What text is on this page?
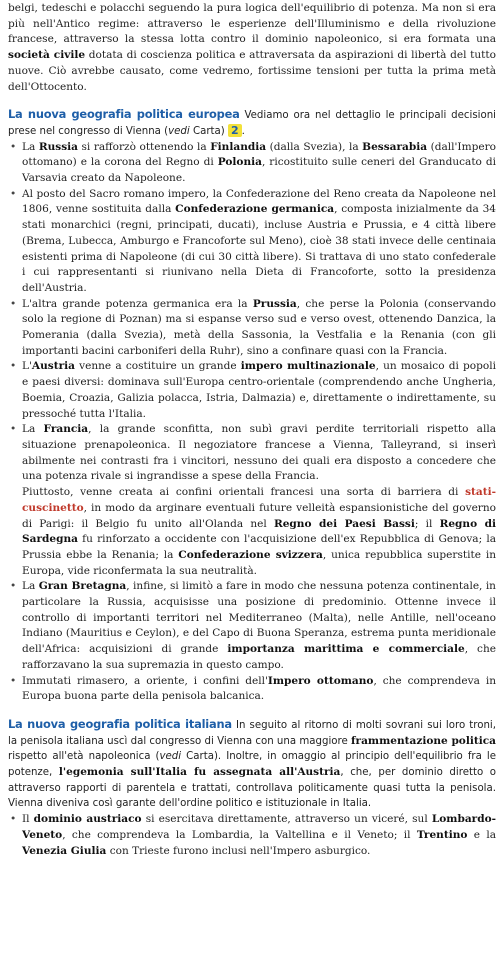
belgi, tedeschi e polacchi seguendo la pura logica dell'equilibrio di potenza. Ma non si era più nell'Antico regime: attraverso le esperienze dell'Illuminismo e della rivoluzione francese, attraverso la stessa lotta contro il dominio napoleonico, si era formata una società civile dotata di coscienza politica e attraversata da aspirazioni di libertà del tutto nuove. Ciò avrebbe causato, come vedremo, fortissime tensioni per tutta la prima metà dell'Ottocento.

La nuova geografia politica europea Vediamo ora nel dettaglio le principali decisioni prese nel congresso di Vienna (vedi Carta) 2 .

• La Russia si rafforzò ottenendo la Finlandia (dalla Svezia), la Bessarabia (dall'Impero ottomano) e la corona del Regno di Polonia, ricostituito sulle ceneri del Granducato di Varsavia creato da Napoleone.
• Al posto del Sacro romano impero, la Confederazione del Reno creata da Napoleone nel 1806, venne sostituita dalla Confederazione germanica, composta inizialmente da 34 stati monarchici (regni, principati, ducati), incluse Austria e Prussia, e 4 città libere (Brema, Lubecca, Amburgo e Francoforte sul Meno), cioè 38 stati invece delle centinaia esistenti prima di Napoleone (di cui 30 città libere). Si trattava di uno stato confederale i cui rappresentanti si riunivano nella Dieta di Francoforte, sotto la presidenza dell'Austria.
• L'altra grande potenza germanica era la Prussia, che perse la Polonia (conservando solo la regione di Poznan) ma si espanse verso sud e verso ovest, ottenendo Danzica, la Pomerania (dalla Svezia), metà della Sassonia, la Vestfalia e la Renania (con gli importanti bacini carboniferi della Ruhr), sino a confinare quasi con la Francia.
• L'Austria venne a costituire un grande impero multinazionale, un mosaico di popoli e paesi diversi: dominava sull'Europa centro-orientale (comprendendo anche Ungheria, Boemia, Croazia, Galizia polacca, Istria, Dalmazia) e, direttamente o indirettamente, su pressoché tutta l'Italia.
• La Francia, la grande sconfitta, non subì gravi perdite territoriali rispetto alla situazione prenapoleonica. Il negoziatore francese a Vienna, Talleyrand, si inserì abilmente nei contrasti fra i vincitori, nessuno dei quali era disposto a concedere che una potenza rivale si ingrandisse a spese della Francia.

Piuttosto, venne creata ai confini orientali francesi una sorta di barriera di stati-cuscinetto, in modo da arginare eventuali future velleità espansionistiche del governo di Parigi: il Belgio fu unito all'Olanda nel Regno dei Paesi Bassi; il Regno di Sardegna fu rinforzato a occidente con l'acquisizione dell'ex Repubblica di Genova; la Prussia ebbe la Renania; la Confederazione svizzera, unica repubblica superstite in Europa, vide riconfermata la sua neutralità.

• La Gran Bretagna, infine, si limitò a fare in modo che nessuna potenza continentale, in particolare la Russia, acquisisse una posizione di predominio. Ottenne invece il controllo di importanti territori nel Mediterraneo (Malta), nelle Antille, nell'oceano Indiano (Mauritius e Ceylon), e del Capo di Buona Speranza, estrema punta meridionale dell'Africa: acquisizioni di grande importanza marittima e commerciale, che rafforzavano la sua supremazia in questo campo.
• Immutati rimasero, a oriente, i confini dell'Impero ottomano, che comprendeva in Europa buona parte della penisola balcanica.

La nuova geografia politica italiana In seguito al ritorno di molti sovrani sui loro troni, la penisola italiana uscì dal congresso di Vienna con una maggiore frammentazione politica rispetto all'età napoleonica (vedi Carta). Inoltre, in omaggio al principio dell'equilibrio fra le potenze, l'egemonia sull'Italia fu assegnata all'Austria, che, per dominio diretto o attraverso rapporti di parentela e trattati, controllava politicamente quasi tutta la penisola. Vienna diveniva così garante dell'ordine politico e istituzionale in Italia.

• Il dominio austriaco si esercitava direttamente, attraverso un viceré, sul Lombardo-Veneto, che comprendeva la Lombardia, la Valtellina e il Veneto; il Trentino e la Venezia Giulia con Trieste furono inclusi nell'Impero asburgico.
